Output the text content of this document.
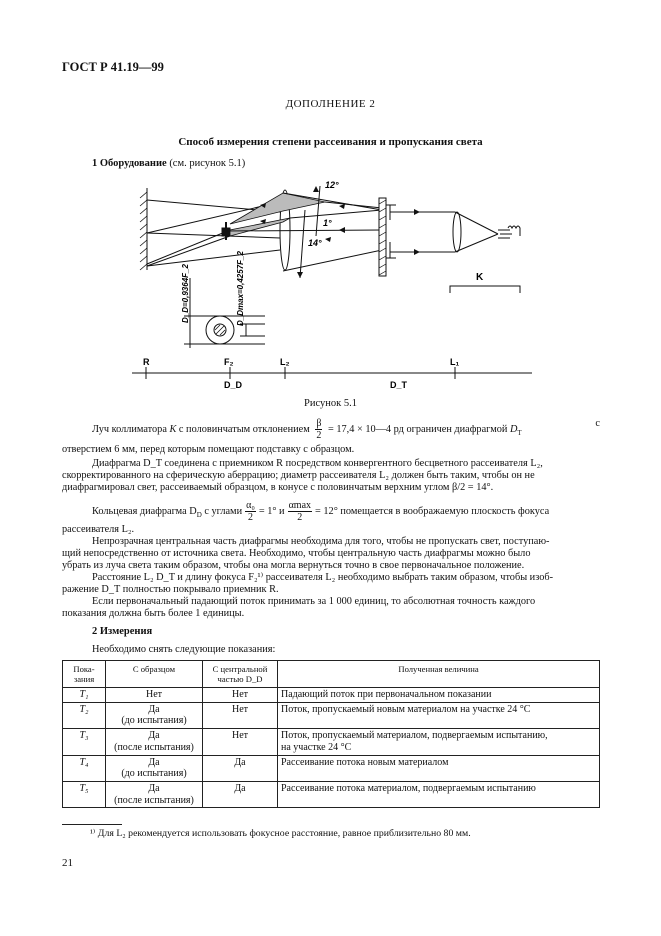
ГОСТ Р 41.19—99
ДОПОЛНЕНИЕ 2
Способ измерения степени рассеивания и пропускания света
1 Оборудование (см. рисунок 5.1)
12°
1°
14°
K
D_D=0,9364F_2	D_Dmax=0,4257F_2
R	F₂	L₂	L₁
D_D	D_T
Рисунок 5.1
Луч коллиматора K с половинчатым отклонением $\frac{\beta}{2} = 17,4$ × 10—4 рд ограничен диафрагмой $D_T$
с
отверстием 6 мм, перед которым помещают подставку с образцом.
Диафрагма D_T соединена с приемником R посредством конвергентного бесцветного рассеивателя L₂,
скорректированного на сферическую аберрацию; диаметр рассеивателя L₂ должен быть таким, чтобы он не
диафрагмировал свет, рассеиваемый образцом, в конусе с половинчатым верхним углом β/2 = 14°.
Кольцевая диафрагма $D_D$ с углами $\frac{\text{α₀}}{2} = 1^\circ$ и $\frac{\alpha\max}{2} = 12^\circ$ помещается в воображаемую плоскость фокуса
рассеивателя L₂.
Непрозрачная центральная часть диафрагмы необходима для того, чтобы не пропускать свет, поступаю-
щий непосредственно от источника света. Необходимо, чтобы центральную часть диафрагмы можно было
убрать из луча света таким образом, чтобы она могла вернуться точно в свое первоначальное положение.
Расстояние L₂ D_T и длину фокуса F₂¹⁾ рассеивателя L₂ необходимо выбрать таким образом, чтобы изоб-
ражение D_T полностью покрывало приемник R.
Если первоначальный падающий поток принимать за 1 000 единиц, то абсолютная точность каждого
показания должна быть более 1 единицы.
2 Измерения
Необходимо снять следующие показания:
Пока-
зания	С образцом	С центральной
частью D_D	Полученная величина
T₁	Нет	Нет	Падающий поток при первоначальном показании
T₂	Да
(до испытания)	Нет	Поток, пропускаемый новым материалом на участке 24 °С
T₃	Да
(после испытания)	Нет	Поток, пропускаемый материалом, подвергаемым испытанию,
на участке 24 °С
T₄	Да
(до испытания)	Да	Рассеивание потока новым материалом
T₅	Да
(после испытания)	Да	Рассеивание потока материалом, подвергаемым испытанию
¹⁾ Для L₂ рекомендуется использовать фокусное расстояние, равное приблизительно 80 мм.
21
